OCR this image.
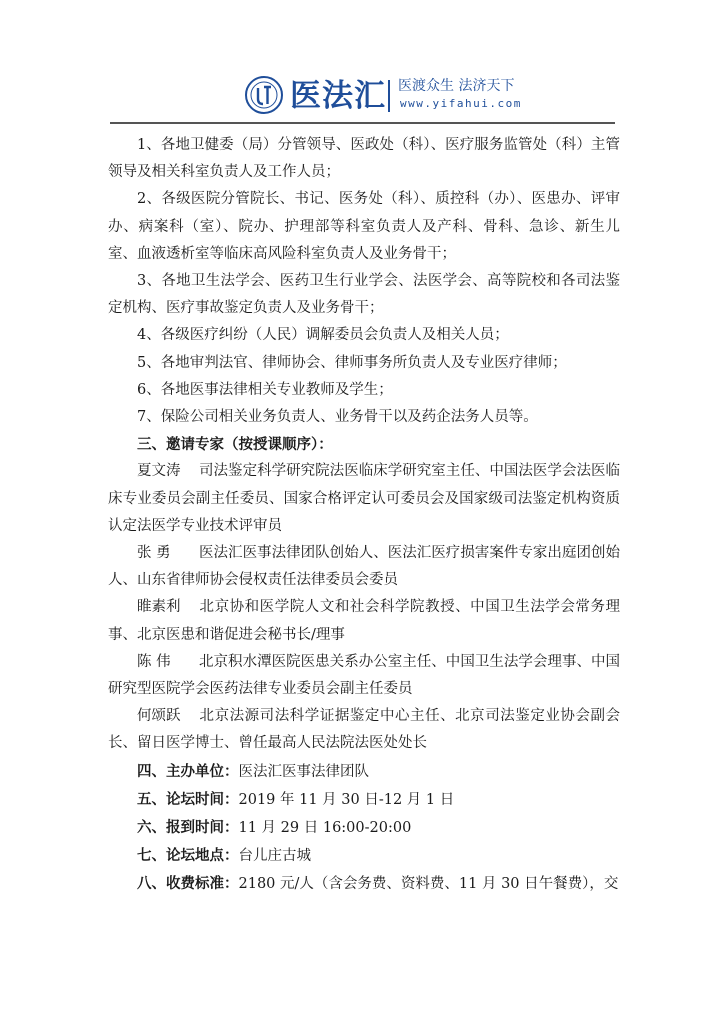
医法汇 医渡众生 法济天下
www.yifahui.com

1、各地卫健委（局）分管领导、医政处（科）、医疗服务监管处（科）主管领导及相关科室负责人及工作人员；

2、各级医院分管院长、书记、医务处（科）、质控科（办）、医患办、评审办、病案科（室）、院办、护理部等科室负责人及产科、骨科、急诊、新生儿室、血液透析室等临床高风险科室负责人及业务骨干；

3、各地卫生法学会、医药卫生行业学会、法医学会、高等院校和各司法鉴定机构、医疗事故鉴定负责人及业务骨干；

4、各级医疗纠纷（人民）调解委员会负责人及相关人员；

5、各地审判法官、律师协会、律师事务所负责人及专业医疗律师；

6、各地医事法律相关专业教师及学生；

7、保险公司相关业务负责人、业务骨干以及药企法务人员等。

三、邀请专家（按授课顺序）：

夏文涛 司法鉴定科学研究院法医临床学研究室主任、中国法医学会法医临床专业委员会副主任委员、国家合格评定认可委员会及国家级司法鉴定机构资质认定法医学专业技术评审员

张 勇 医法汇医事法律团队创始人、医法汇医疗损害案件专家出庭团创始人、山东省律师协会侵权责任法律委员会委员

睢素利 北京协和医学院人文和社会科学院教授、中国卫生法学会常务理事、北京医患和谐促进会秘书长/理事

陈 伟 北京积水潭医院医患关系办公室主任、中国卫生法学会理事、中国研究型医院学会医药法律专业委员会副主任委员

何颂跃 北京法源司法科学证据鉴定中心主任、北京司法鉴定业协会副会长、留日医学博士、曾任最高人民法院法医处处长

四、主办单位：医法汇医事法律团队

五、论坛时间：2019 年 11 月 30 日-12 月 1 日

六、报到时间：11 月 29 日 16:00-20:00

七、论坛地点：台儿庄古城

八、收费标准：2180 元/人（含会务费、资料费、11 月 30 日午餐费），交
